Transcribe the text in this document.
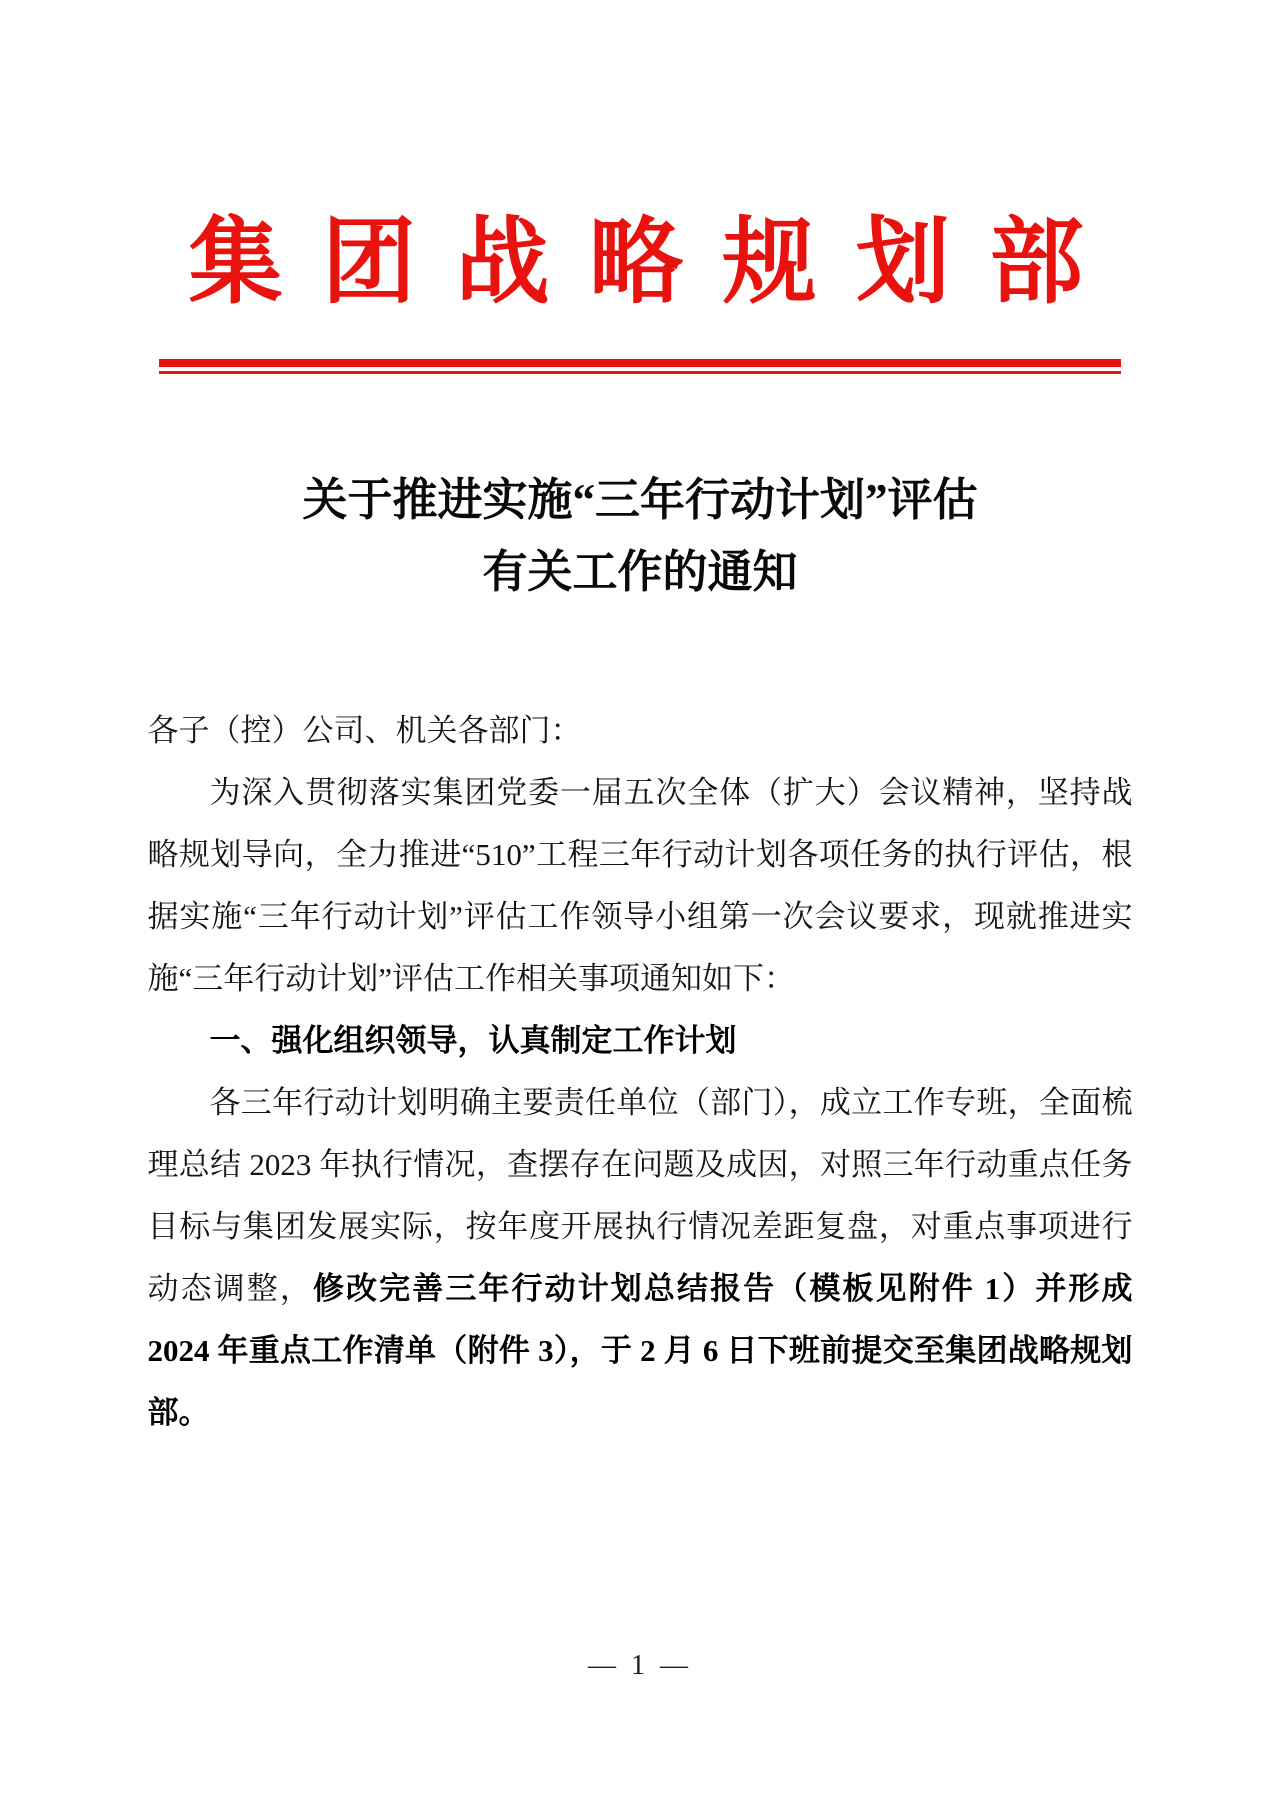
集 团 战 略 规 划 部
关于推进实施“三年行动计划”评估
有关工作的通知

各子（控）公司、机关各部门：

为深入贯彻落实集团党委一届五次全体（扩大）会议精神，坚持战略规划导向，全力推进“510”工程三年行动计划各项任务的执行评估，根据实施“三年行动计划”评估工作领导小组第一次会议要求，现就推进实施“三年行动计划”评估工作相关事项通知如下：

一、强化组织领导，认真制定工作计划

各三年行动计划明确主要责任单位（部门），成立工作专班，全面梳理总结 2023 年执行情况，查摆存在问题及成因，对照三年行动重点任务目标与集团发展实际，按年度开展执行情况差距复盘，对重点事项进行动态调整，修改完善三年行动计划总结报告（模板见附件 1）并形成 2024 年重点工作清单（附件 3），于 2 月 6 日下班前提交至集团战略规划部。

— 1 —
